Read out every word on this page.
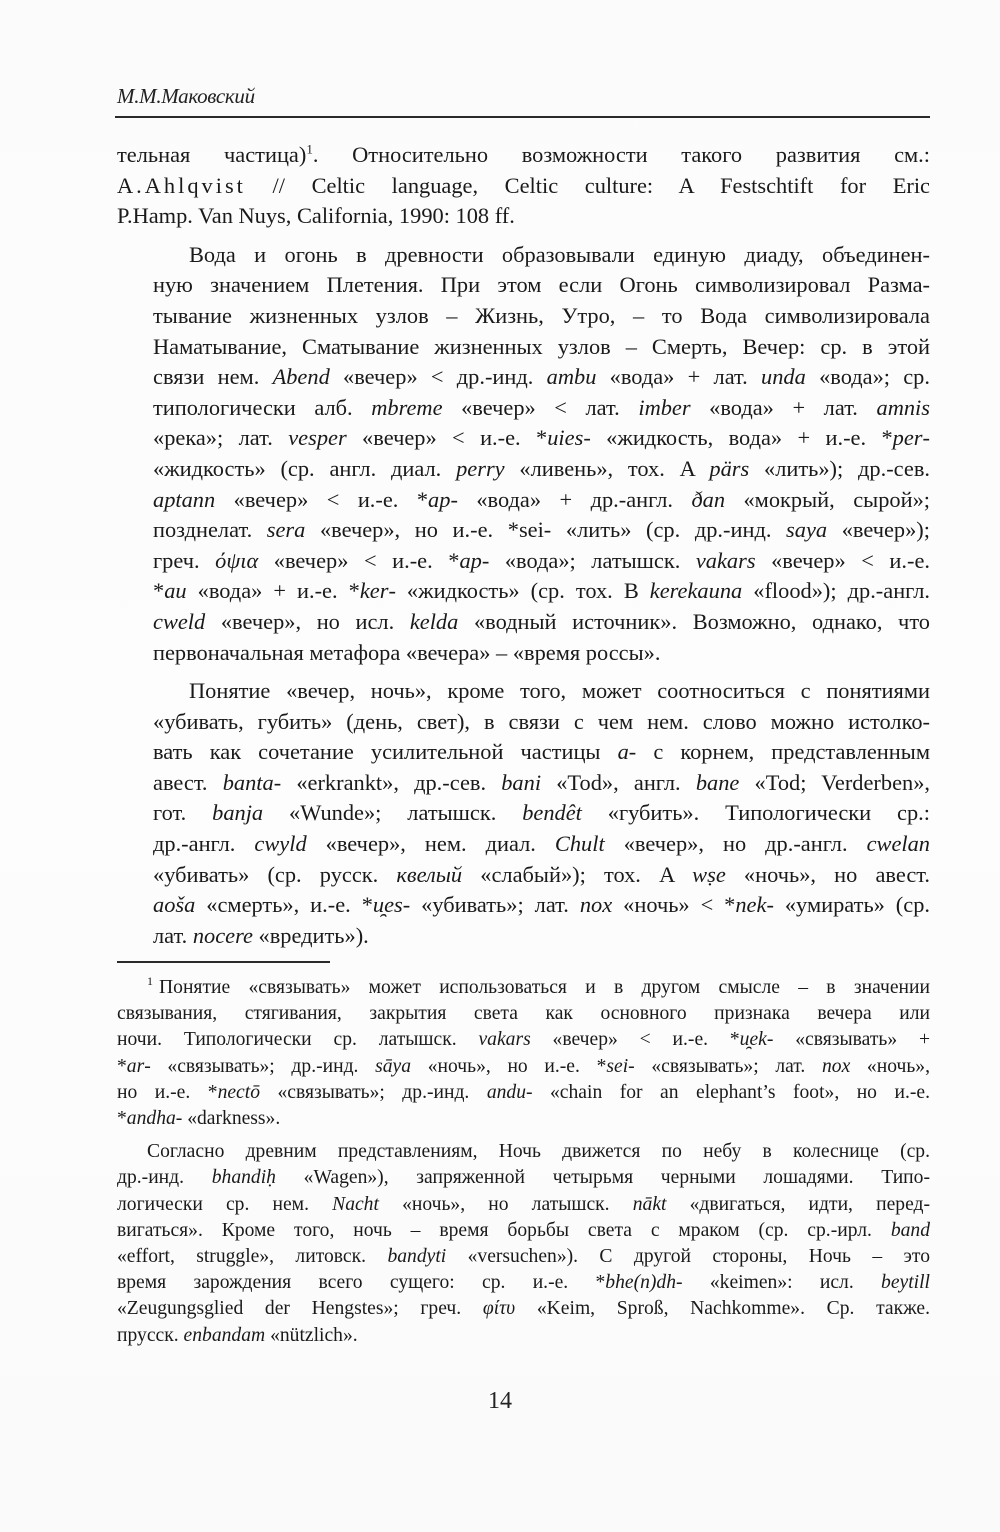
М.М.Маковский

тельная частица)$^1$. Относительно возможности такого развития см.:
A.Ahlqvist // Celtic language, Celtic culture: A Festschtift for Eric
P.Hamp. Van Nuys, California, 1990: 108 ff.

Вода и огонь в древности образовывали единую диаду, объединен-
ную значением Плетения. При этом если Огонь символизировал Разма-
тывание жизненных узлов – Жизнь, Утро, – то Вода символизировала
Наматывание, Сматывание жизненных узлов – Смерть, Вечер: ср. в этой
связи нем. Abend «вечер» < др.-инд. ambu «вода» + лат. unda «вода»; ср.
типологически алб. mbreme «вечер» < лат. imber «вода» + лат. amnis
«река»; лат. vesper «вечер» < и.-е. *uies- «жидкость, вода» + и.-е. *per-
«жидкость» (ср. англ. диал. perry «ливень», тох. A pärs «лить»); др.-сев.
aptann «вечер» < и.-е. *ap- «вода» + др.-англ. ðan «мокрый, сырой»;
позднелат. sera «вечер», но и.-е. *sei- «лить» (ср. др.-инд. saya «вечер»);
греч. όψια «вечер» < и.-е. *ap- «вода»; латышск. vakars «вечер» < и.-е.
*au «вода» + и.-е. *ker- «жидкость» (ср. тох. B kerekauna «flood»); др.-англ.
cweld «вечер», но исл. kelda «водный источник». Возможно, однако, что
первоначальная метафора «вечера» – «время россы».

Понятие «вечер, ночь», кроме того, может соотноситься с понятиями
«убивать, губить» (день, свет), в связи с чем нем. слово можно истолко-
вать как сочетание усилительной частицы a- с корнем, представленным
авест. banta- «erkrankt», др.-сев. bani «Tod», англ. bane «Tod; Verderben»,
гот. banja «Wunde»; латышск. bendêt «губить». Типологически ср.:
др.-англ. cwyld «вечер», нем. диал. Chult «вечер», но др.-англ. cwelan
«убивать» (ср. русск. квелый «слабый»); тох. A wṣe «ночь», но авест.
aoša «смерть», и.-е. *u̯es- «убивать»; лат. nox «ночь» < *nek- «умирать» (ср.
лат. nocere «вредить»).

$^1$ Понятие «связывать» может использоваться и в другом смысле – в значении
связывания, стягивания, закрытия света как основного признака вечера или
ночи. Типологически ср. латышск. vakars «вечер» < и.-е. *u̯ek- «связывать» +
*ar- «связывать»; др.-инд. sāya «ночь», но и.-е. *sei- «связывать»; лат. nox «ночь»,
но и.-е. *nectō «связывать»; др.-инд. andu- «chain for an elephant’s foot», но и.-е.
*andha- «darkness».
Согласно древним представлениям, Ночь движется по небу в колеснице (ср.
др.-инд. bhandiḥ «Wagen»), запряженной четырьмя черными лошадями. Типо-
логически ср. нем. Nacht «ночь», но латышск. nākt «двигаться, идти, перед-
вигаться». Кроме того, ночь – время борьбы света с мраком (ср. ср.-ирл. band
«effort, struggle», литовск. bandyti «versuchen»). С другой стороны, Ночь – это
время зарождения всего сущего: ср. и.-е. *bhe(n)dh- «keimen»: исл. beytill
«Zeugungsglied der Hengstes»; греч. φίτυ «Keim, Sproß, Nachkomme». Ср. также.
прусск. enbandam «nützlich».
14
